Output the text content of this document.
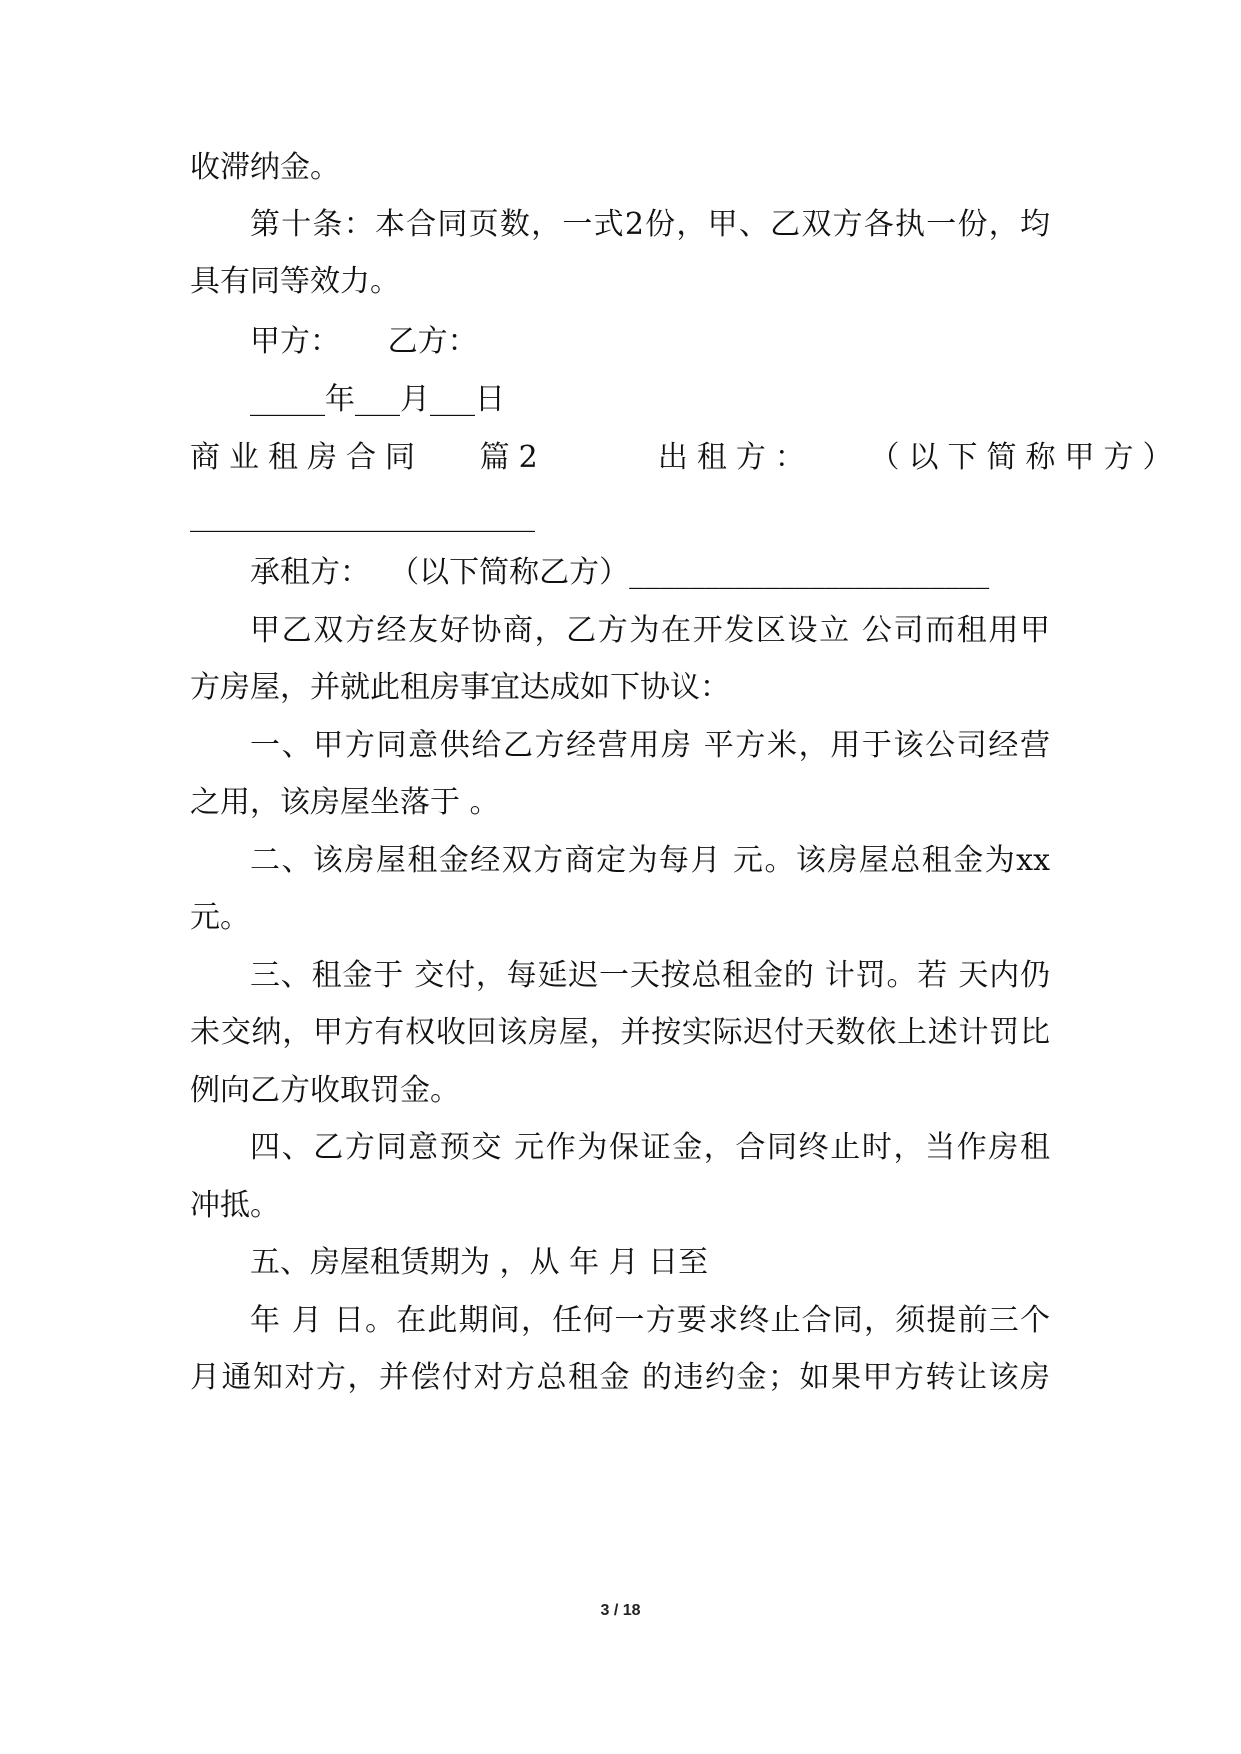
收滞纳金。
第十条：本合同页数，一式2份，甲、乙双方各执一份，均
具有同等效力。
甲方：     乙方：
_____年___月___日
商业租房合同   篇2      出租方：   （以下简称甲方）
_______________________
承租方：  （以下简称乙方）________________________
甲乙双方经友好协商，乙方为在开发区设立 公司而租用甲
方房屋，并就此租房事宜达成如下协议：
一、甲方同意供给乙方经营用房 平方米，用于该公司经营
之用，该房屋坐落于 。
二、该房屋租金经双方商定为每月 元。该房屋总租金为xx
元。
三、租金于 交付，每延迟一天按总租金的 计罚。若 天内仍
未交纳，甲方有权收回该房屋，并按实际迟付天数依上述计罚比
例向乙方收取罚金。
四、乙方同意预交 元作为保证金，合同终止时，当作房租
冲抵。
五、房屋租赁期为 ，从 年 月 日至
年 月 日。在此期间，任何一方要求终止合同，须提前三个
月通知对方，并偿付对方总租金 的违约金；如果甲方转让该房
3 / 18
